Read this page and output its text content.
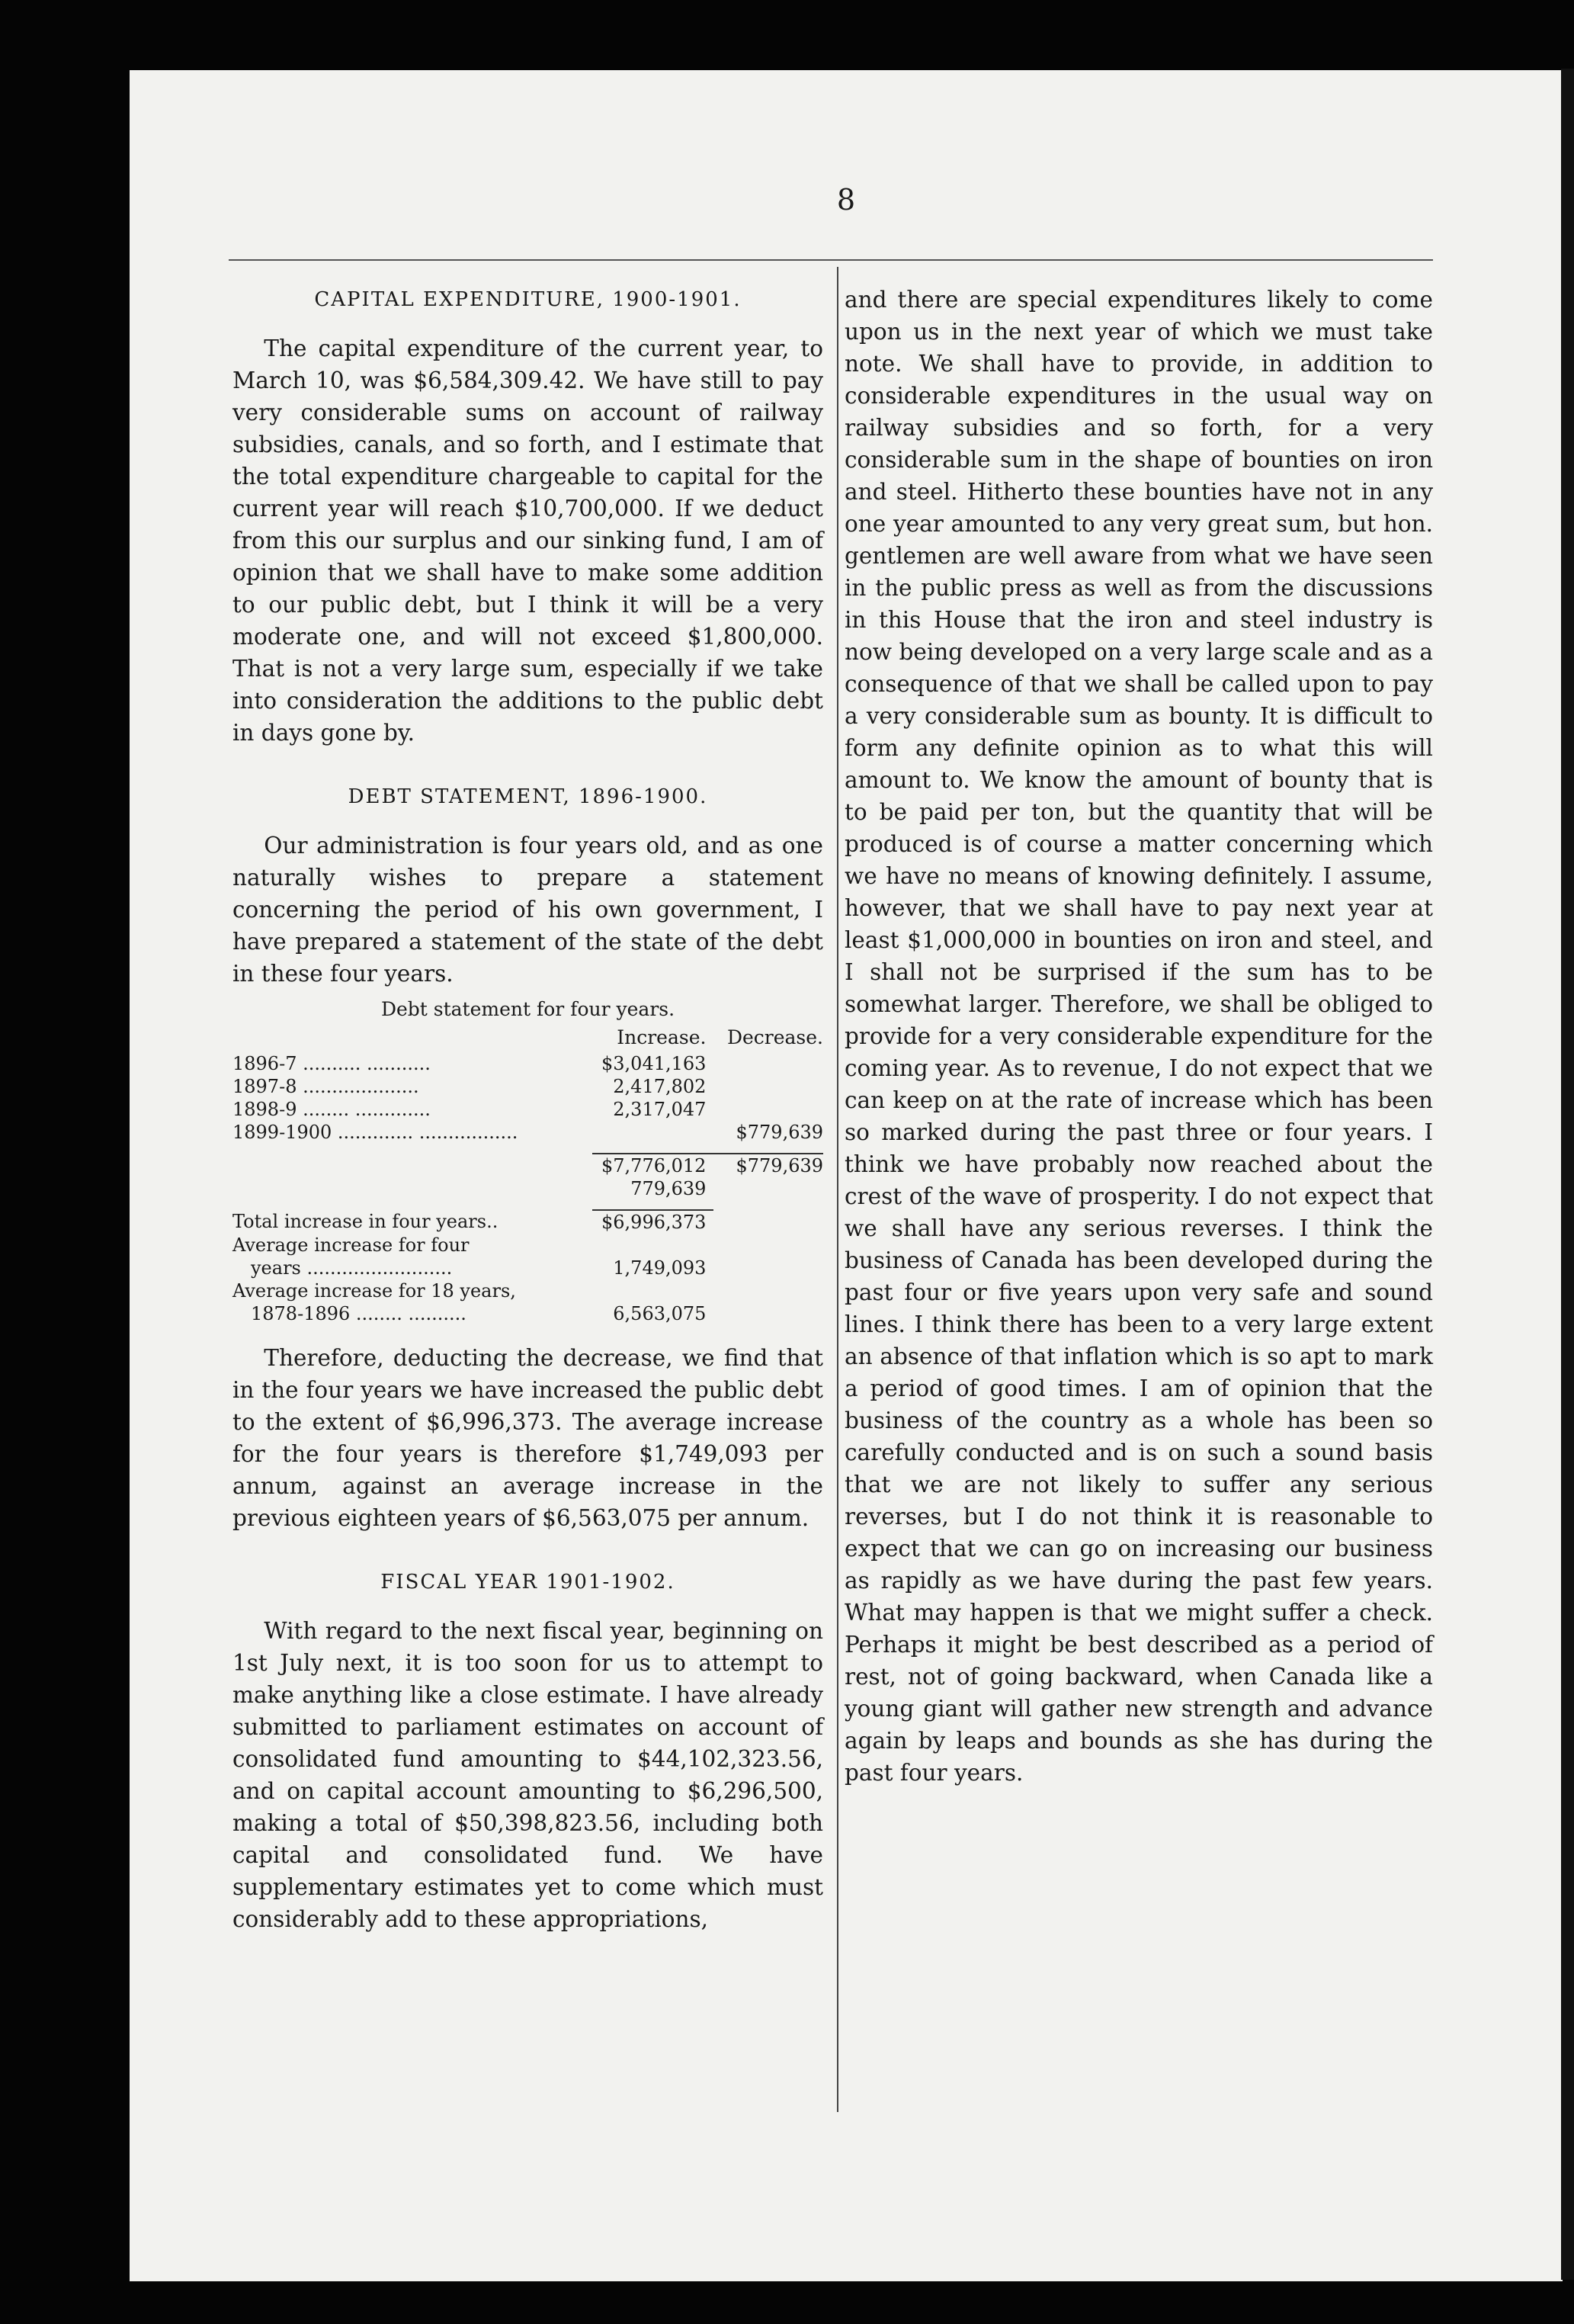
8

CAPITAL EXPENDITURE, 1900-1901.

The capital expenditure of the current year, to March 10, was $6,584,309.42. We have still to pay very considerable sums on account of railway subsidies, canals, and so forth, and I estimate that the total expenditure chargeable to capital for the current year will reach $10,700,000. If we deduct from this our surplus and our sinking fund, I am of opinion that we shall have to make some addition to our public debt, but I think it will be a very moderate one, and will not exceed $1,800,000. That is not a very large sum, especially if we take into consideration the additions to the public debt in days gone by.

DEBT STATEMENT, 1896-1900.

Our administration is four years old, and as one naturally wishes to prepare a statement concerning the period of his own government, I have prepared a statement of the state of the debt in these four years.

Debt statement for four years.
	Increase.	Decrease.
1896-7 .......... ...........	$3,041,163	
1897-8 ....................	2,417,802	
1898-9 ........ .............	2,317,047	
1899-1900 ............. .................		$779,639

	$7,776,012	$779,639
	779,639	

Total increase in four years..	$6,996,373	
Average increase for four		
years .........................	1,749,093	
Average increase for 18 years,		
1878-1896 ........ ..........	6,563,075	

Therefore, deducting the decrease, we find that in the four years we have increased the public debt to the extent of $6,996,373. The average increase for the four years is therefore $1,749,093 per annum, against an average increase in the previous eighteen years of $6,563,075 per annum.

FISCAL YEAR 1901-1902.

With regard to the next fiscal year, beginning on 1st July next, it is too soon for us to attempt to make anything like a close estimate. I have already submitted to parliament estimates on account of consolidated fund amounting to $44,102,323.56, and on capital account amounting to $6,296,500, making a total of $50,398,823.56, including both capital and consolidated fund. We have supplementary estimates yet to come which must considerably add to these appropriations,

and there are special expenditures likely to come upon us in the next year of which we must take note. We shall have to provide, in addition to considerable expenditures in the usual way on railway subsidies and so forth, for a very considerable sum in the shape of bounties on iron and steel. Hitherto these bounties have not in any one year amounted to any very great sum, but hon. gentlemen are well aware from what we have seen in the public press as well as from the discussions in this House that the iron and steel industry is now being developed on a very large scale and as a consequence of that we shall be called upon to pay a very considerable sum as bounty. It is difficult to form any definite opinion as to what this will amount to. We know the amount of bounty that is to be paid per ton, but the quantity that will be produced is of course a matter concerning which we have no means of knowing definitely. I assume, however, that we shall have to pay next year at least $1,000,000 in bounties on iron and steel, and I shall not be surprised if the sum has to be somewhat larger. Therefore, we shall be obliged to provide for a very considerable expenditure for the coming year. As to revenue, I do not expect that we can keep on at the rate of increase which has been so marked during the past three or four years. I think we have probably now reached about the crest of the wave of prosperity. I do not expect that we shall have any serious reverses. I think the business of Canada has been developed during the past four or five years upon very safe and sound lines. I think there has been to a very large extent an absence of that inflation which is so apt to mark a period of good times. I am of opinion that the business of the country as a whole has been so carefully conducted and is on such a sound basis that we are not likely to suffer any serious reverses, but I do not think it is reasonable to expect that we can go on increasing our business as rapidly as we have during the past few years. What may happen is that we might suffer a check. Perhaps it might be best described as a period of rest, not of going backward, when Canada like a young giant will gather new strength and advance again by leaps and bounds as she has during the past four years.
